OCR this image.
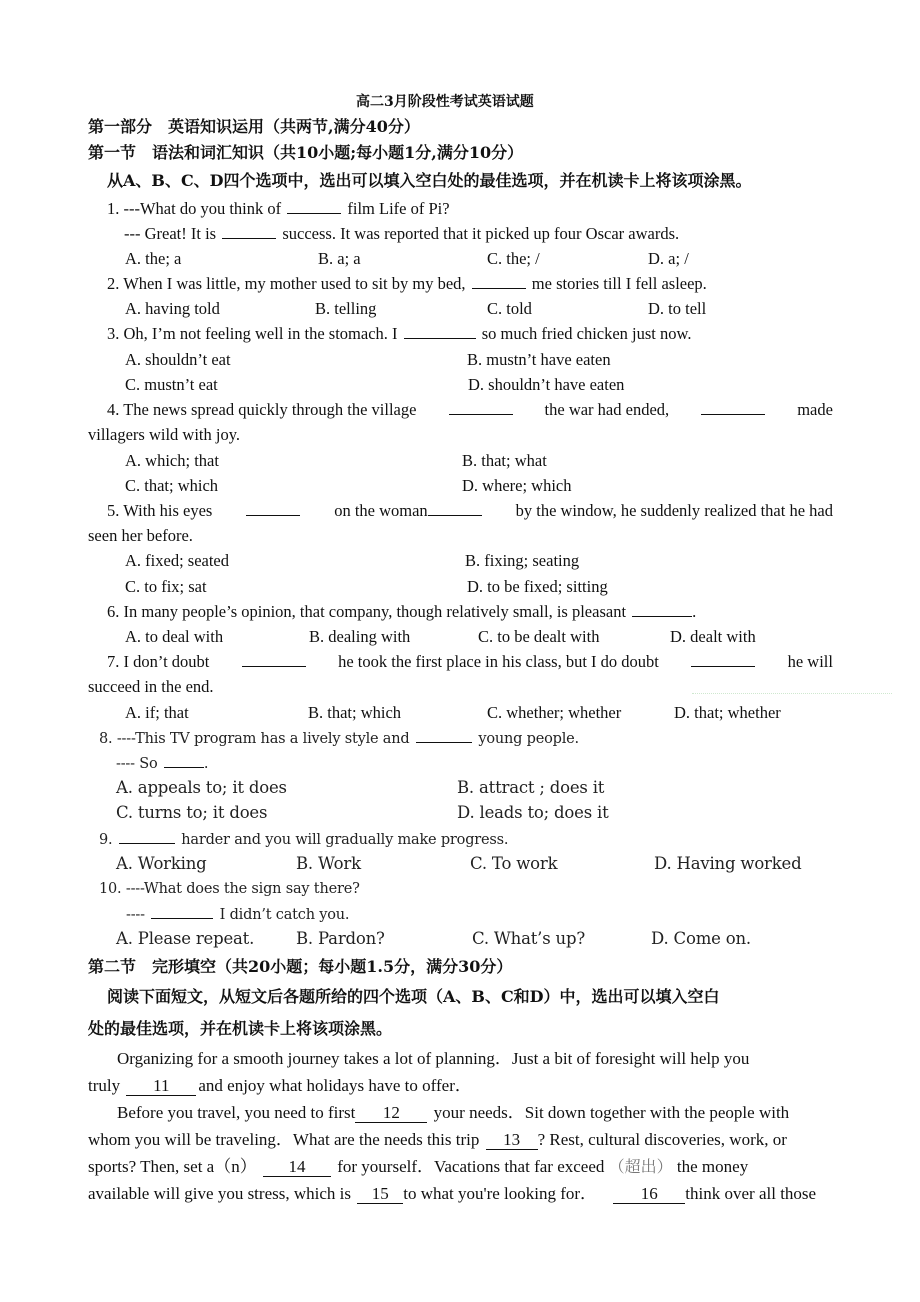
高二3月阶段性考试英语试题
第一部分　英语知识运用（共两节,满分40分）
第一节　语法和词汇知识（共10小题;每小题1分,满分10分）
从A、B、C、D四个选项中，选出可以填入空白处的最佳选项，并在机读卡上将该项涂黑。
1. ---What do you think of	film Life of Pi?
--- Great! It is	success. It was reported that it picked up four Oscar awards.
A. the; a	B. a; a	C. the; /	D. a; /
2. When I was little, my mother used to sit by my bed,	me stories till I fell asleep.
A. having told	B. telling	C. told	D. to tell
3. Oh, I’m not feeling well in the stomach. I	so much fried chicken just now.
A. shouldn’t eat	B. mustn’t have eaten
C. mustn’t eat	D. shouldn’t have eaten
4. The news spread quickly through the village	the war had ended,	made
villagers wild with joy.
A. which; that	B. that; what
C. that; which	D. where; which
5. With his eyes	on the woman	by the window, he suddenly realized that he had
seen her before.
A. fixed; seated	B. fixing; seating
C. to fix; sat	D. to be fixed; sitting
6. In many people’s opinion, that company, though relatively small, is pleasant	.
A. to deal with	B. dealing with	C. to be dealt with	D. dealt with
7. I don’t doubt	he took the first place in his class, but I do doubt	he will
succeed in the end.
A. if; that	B. that; which	C. whether; whether	D. that; whether
8. ----This TV program has a lively style and	young people.
---- So	.
A. appeals to; it does	B. attract ; does it
C. turns to; it does	D. leads to; does it
9.	harder and you will gradually make progress.
A. Working	B. Work	C. To work	D. Having worked
10. ----What does the sign say there?
----	I didn’t catch you.
A. Please repeat.	B. Pardon?	C. What’s up?	D. Come on.
第二节　完形填空（共20小题；每小题1.5分，满分30分）
阅读下面短文，从短文后各题所给的四个选项（A、B、C和D）中，选出可以填入空白
处的最佳选项，并在机读卡上将该项涂黑。
Organizing for a smooth journey takes a lot of planning．Just a bit of foresight will help you
truly 11 and enjoy what holidays have to offer．
Before you travel, you need to first 12 your needs．Sit down together with the people with
whom you will be traveling．What are the needs this trip 13 ? Rest, cultural discoveries, work, or
sports? Then, set a（n） 14 for yourself．Vacations that far exceed （超出） the money
available will give you stress, which is 15 to what you're looking for．	16 think over all those
